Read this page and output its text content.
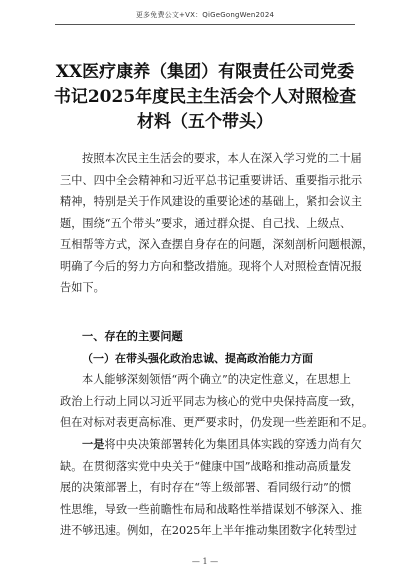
更多免费公文+VX：QiGeGongWen2024
XX医疗康养（集团）有限责任公司党委
书记2025年度民主生活会个人对照检查
材料（五个带头）
按照本次民主生活会的要求，本人在深入学习党的二十届
三中、四中全会精神和习近平总书记重要讲话、重要指示批示
精神，特别是关于作风建设的重要论述的基础上，紧扣会议主
题，围绕“五个带头”要求，通过群众提、自己找、上级点、
互相帮等方式，深入查摆自身存在的问题，深刻剖析问题根源，
明确了今后的努力方向和整改措施。现将个人对照检查情况报
告如下。
一、存在的主要问题
（一）在带头强化政治忠诚、提高政治能力方面
本人能够深刻领悟“两个确立”的决定性意义，在思想上
政治上行动上同以习近平同志为核心的党中央保持高度一致，
但在对标对表更高标准、更严要求时，仍发现一些差距和不足。
一是将中央决策部署转化为集团具体实践的穿透力尚有欠
缺。在贯彻落实党中央关于“健康中国”战略和推动高质量发
展的决策部署上，有时存在“等上级部署、看同级行动”的惯
性思维，导致一些前瞻性布局和战略性举措谋划不够深入、推
进不够迅速。例如，在2025年上半年推动集团数字化转型过
— 1 —
